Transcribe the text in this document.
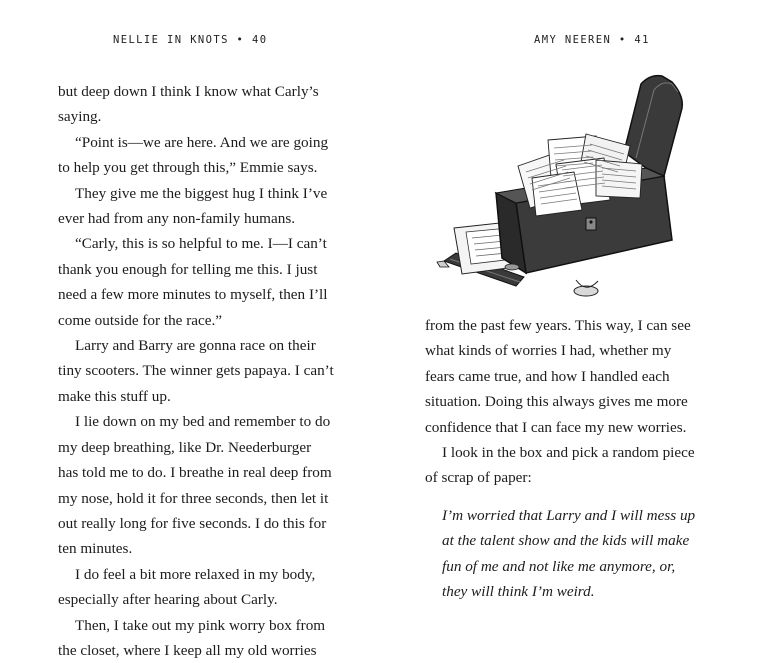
NELLIE IN KNOTS • 40

but deep down I think I know what Carly’s
saying.

“Point is—we are here. And we are going
to help you get through this,” Emmie says.

They give me the biggest hug I think I’ve
ever had from any non-family humans.

“Carly, this is so helpful to me. I—I can’t
thank you enough for telling me this. I just
need a few more minutes to myself, then I’ll
come outside for the race.”

Larry and Barry are gonna race on their
tiny scooters. The winner gets papaya. I can’t
make this stuff up.

I lie down on my bed and remember to do
my deep breathing, like Dr. Neederburger
has told me to do. I breathe in real deep from
my nose, hold it for three seconds, then let it
out really long for five seconds. I do this for
ten minutes.

I do feel a bit more relaxed in my body,
especially after hearing about Carly.

Then, I take out my pink worry box from
the closet, where I keep all my old worries

AMY NEEREN • 41

from the past few years. This way, I can see
what kinds of worries I had, whether my
fears came true, and how I handled each
situation. Doing this always gives me more
confidence that I can face my new worries.

I look in the box and pick a random piece
of scrap of paper:

I’m worried that Larry and I will mess up
at the talent show and the kids will make
fun of me and not like me anymore, or,
they will think I’m weird.
